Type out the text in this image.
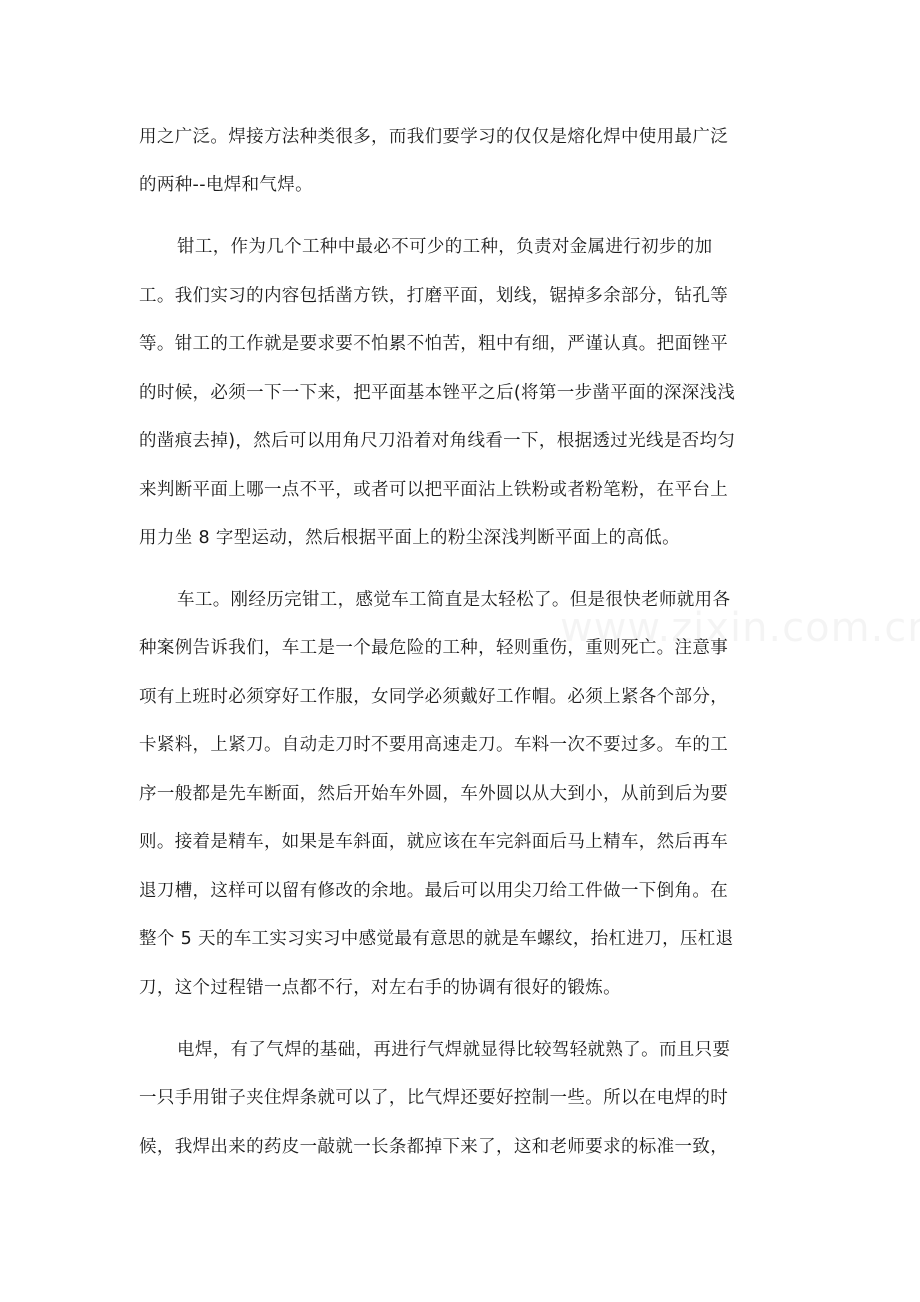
用之广泛。焊接方法种类很多，而我们要学习的仅仅是熔化焊中使用最广泛
的两种--电焊和气焊。
钳工，作为几个工种中最必不可少的工种，负责对金属进行初步的加
工。我们实习的内容包括凿方铁，打磨平面，划线，锯掉多余部分，钻孔等
等。钳工的工作就是要求要不怕累不怕苦，粗中有细，严谨认真。把面锉平
的时候，必须一下一下来，把平面基本锉平之后(将第一步凿平面的深深浅浅
的凿痕去掉)，然后可以用角尺刀沿着对角线看一下，根据透过光线是否均匀
来判断平面上哪一点不平，或者可以把平面沾上铁粉或者粉笔粉，在平台上
用力坐 8 字型运动，然后根据平面上的粉尘深浅判断平面上的高低。
车工。刚经历完钳工，感觉车工简直是太轻松了。但是很快老师就用各
种案例告诉我们，车工是一个最危险的工种，轻则重伤，重则死亡。注意事
项有上班时必须穿好工作服，女同学必须戴好工作帽。必须上紧各个部分，
卡紧料，上紧刀。自动走刀时不要用高速走刀。车料一次不要过多。车的工
序一般都是先车断面，然后开始车外圆，车外圆以从大到小，从前到后为要
则。接着是精车，如果是车斜面，就应该在车完斜面后马上精车，然后再车
退刀槽，这样可以留有修改的余地。最后可以用尖刀给工件做一下倒角。在
整个 5 天的车工实习实习中感觉最有意思的就是车螺纹，抬杠进刀，压杠退
刀，这个过程错一点都不行，对左右手的协调有很好的锻炼。
电焊，有了气焊的基础，再进行气焊就显得比较驾轻就熟了。而且只要
一只手用钳子夹住焊条就可以了，比气焊还要好控制一些。所以在电焊的时
候，我焊出来的药皮一敲就一长条都掉下来了，这和老师要求的标准一致，
